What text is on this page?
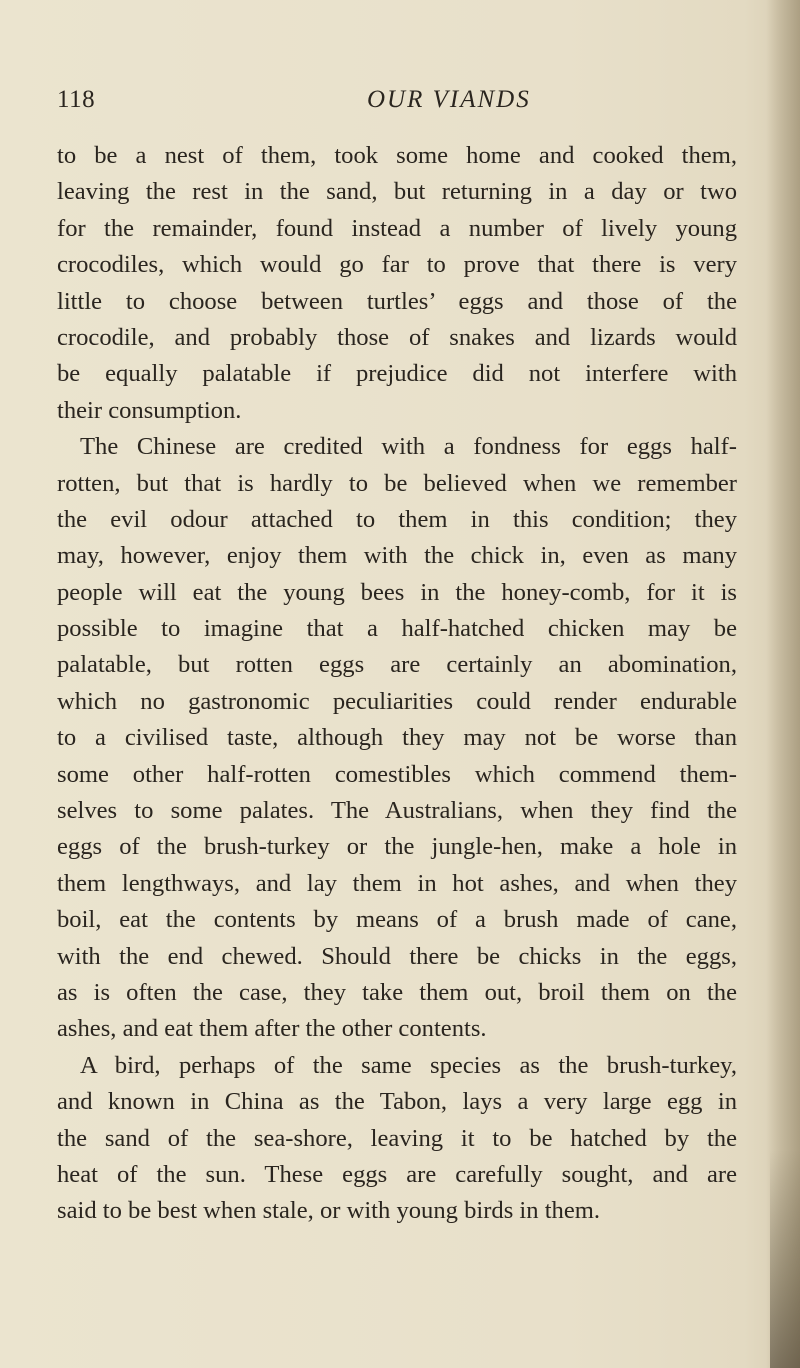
118	OUR VIANDS
to be a nest of them, took some home and cooked them,
leaving the rest in the sand, but returning in a day or two
for the remainder, found instead a number of lively young
crocodiles, which would go far to prove that there is very
little to choose between turtles’ eggs and those of the
crocodile, and probably those of snakes and lizards would
be equally palatable if prejudice did not interfere with
their consumption.
The Chinese are credited with a fondness for eggs half-
rotten, but that is hardly to be believed when we remember
the evil odour attached to them in this condition; they
may, however, enjoy them with the chick in, even as many
people will eat the young bees in the honey-comb, for it is
possible to imagine that a half-hatched chicken may be
palatable, but rotten eggs are certainly an abomination,
which no gastronomic peculiarities could render endurable
to a civilised taste, although they may not be worse than
some other half-rotten comestibles which commend them-
selves to some palates. The Australians, when they find the
eggs of the brush-turkey or the jungle-hen, make a hole in
them lengthways, and lay them in hot ashes, and when they
boil, eat the contents by means of a brush made of cane,
with the end chewed. Should there be chicks in the eggs,
as is often the case, they take them out, broil them on the
ashes, and eat them after the other contents.
A bird, perhaps of the same species as the brush-turkey,
and known in China as the Tabon, lays a very large egg in
the sand of the sea-shore, leaving it to be hatched by the
heat of the sun. These eggs are carefully sought, and are
said to be best when stale, or with young birds in them.
